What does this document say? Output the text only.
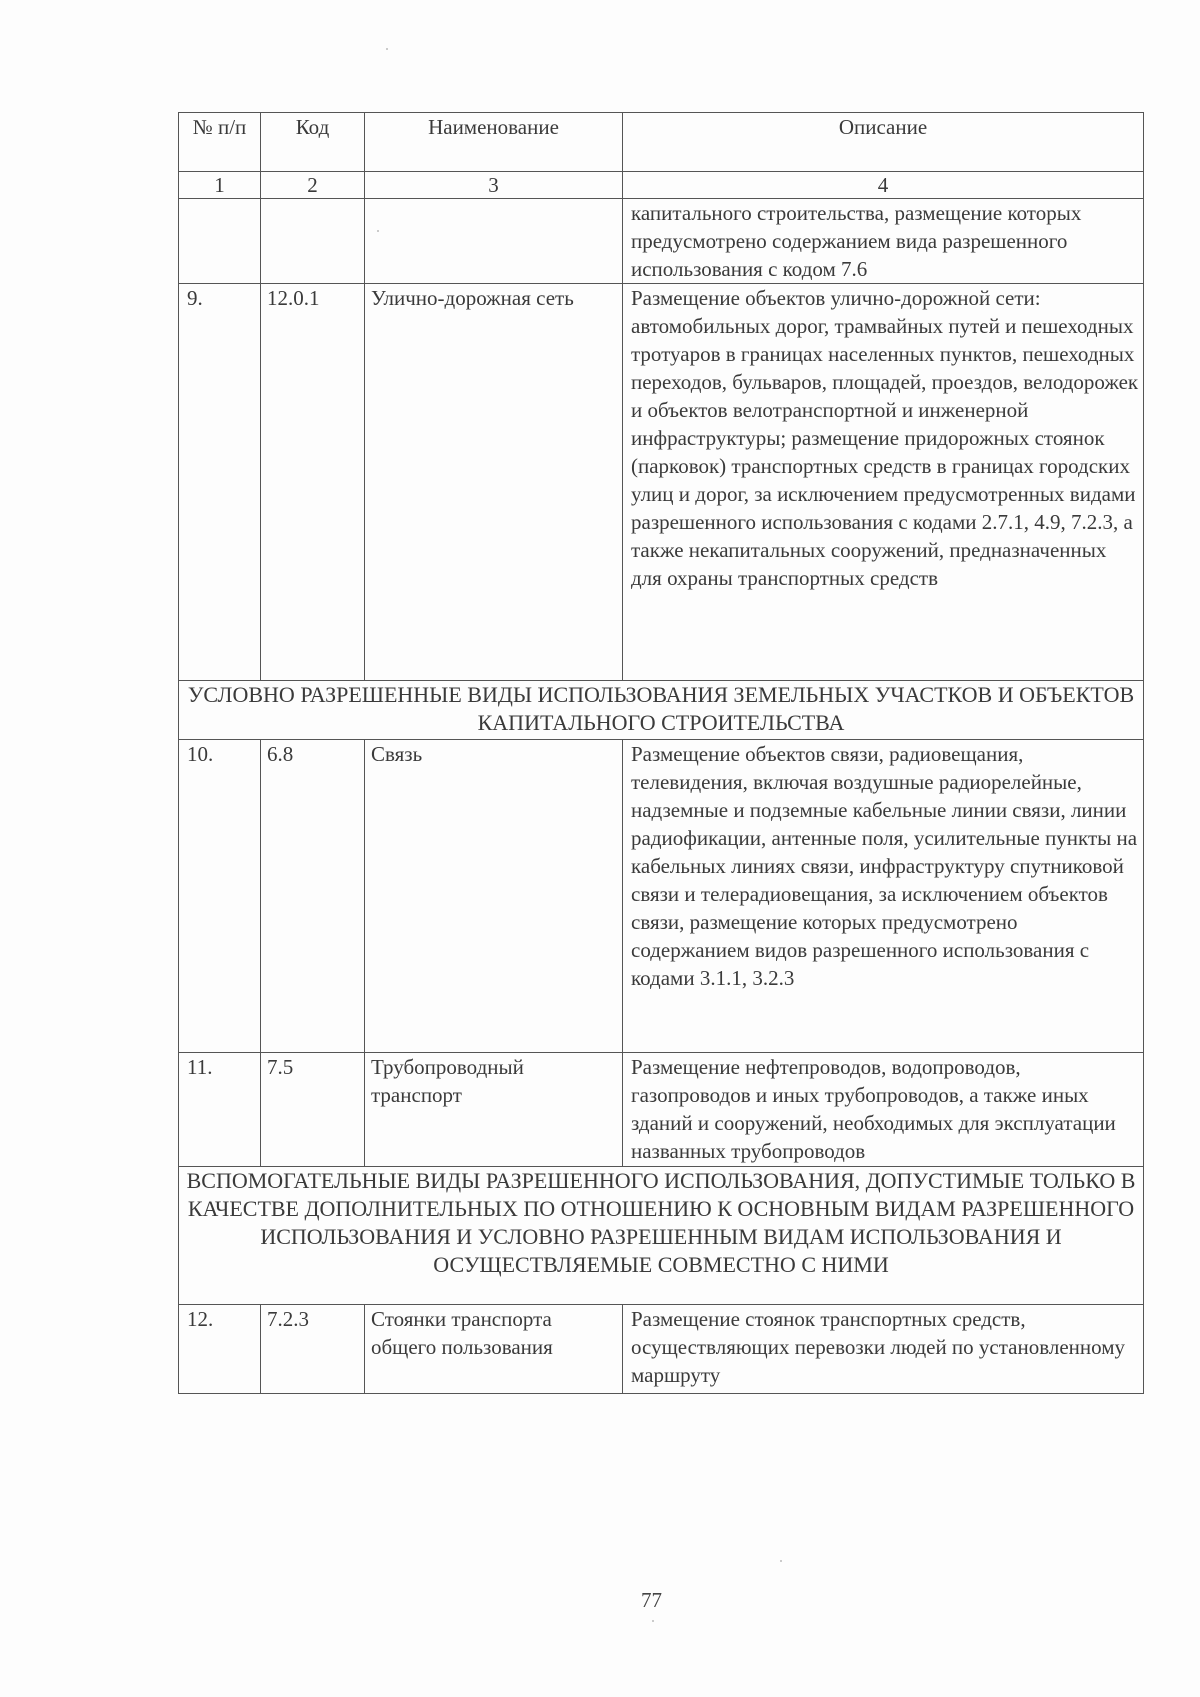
№ п/п	Код	Наименование	Описание
1	2	3	4
			капитального строительства, размещение которых предусмотрено содержанием вида разрешенного использования с кодом 7.6
9.	12.0.1	Улично-дорожная сеть	Размещение объектов улично-дорожной сети: автомобильных дорог, трамвайных путей и пешеходных тротуаров в границах населенных пунктов, пешеходных переходов, бульваров, площадей, проездов, велодорожек и объектов велотранспортной и инженерной инфраструктуры; размещение придорожных стоянок (парковок) транспортных средств в границах городских улиц и дорог, за исключением предусмотренных видами разрешенного использования с кодами 2.7.1, 4.9, 7.2.3, а также некапитальных сооружений, предназначенных для охраны транспортных средств
УСЛОВНО РАЗРЕШЕННЫЕ ВИДЫ ИСПОЛЬЗОВАНИЯ ЗЕМЕЛЬНЫХ УЧАСТКОВ И ОБЪЕКТОВ КАПИТАЛЬНОГО СТРОИТЕЛЬСТВА			
10.	6.8	Связь	Размещение объектов связи, радиовещания, телевидения, включая воздушные радиорелейные, надземные и подземные кабельные линии связи, линии радиофикации, антенные поля, усилительные пункты на кабельных линиях связи, инфраструктуру спутниковой связи и телерадиовещания, за исключением объектов связи, размещение которых предусмотрено содержанием видов разрешенного использования с кодами 3.1.1, 3.2.3
11.	7.5	Трубопроводный транспорт	Размещение нефтепроводов, водопроводов, газопроводов и иных трубопроводов, а также иных зданий и сооружений, необходимых для эксплуатации названных трубопроводов
ВСПОМОГАТЕЛЬНЫЕ ВИДЫ РАЗРЕШЕННОГО ИСПОЛЬЗОВАНИЯ, ДОПУСТИМЫЕ ТОЛЬКО В КАЧЕСТВЕ ДОПОЛНИТЕЛЬНЫХ ПО ОТНОШЕНИЮ К ОСНОВНЫМ ВИДАМ РАЗРЕШЕННОГО ИСПОЛЬЗОВАНИЯ И УСЛОВНО РАЗРЕШЕННЫМ ВИДАМ ИСПОЛЬЗОВАНИЯ И ОСУЩЕСТВЛЯЕМЫЕ СОВМЕСТНО С НИМИ			
12.	7.2.3	Стоянки транспорта общего пользования	Размещение стоянок транспортных средств, осуществляющих перевозки людей по установленному маршруту
77
